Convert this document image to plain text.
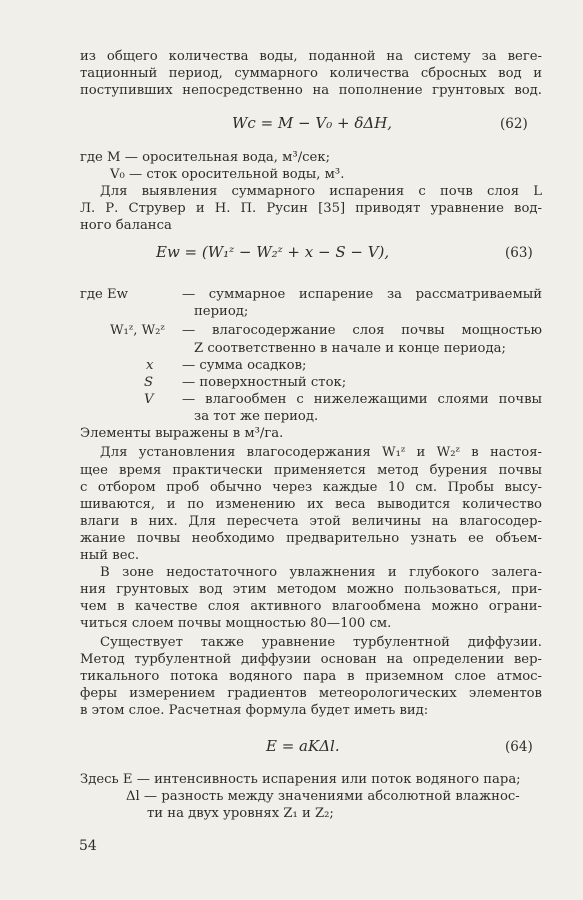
из общего количества воды, поданной на систему за веге-
тационный период, суммарного количества сбросных вод и
поступивших непосредственно на пополнение грунтовых вод.
Wс = M − V₀ + δΔH,	(62)
где M — оросительная вода, м³/сек;
V₀ — сток оросительной воды, м³.
Для выявления суммарного испарения с почв слоя L
Л. Р. Струвер и Н. П. Русин [35] приводят уравнение вод-
ного баланса
Ew = (W₁ᶻ − W₂ᶻ + x − S − V),	(63)
где Ew	— суммарное испарение за рассматриваемый
период;
W₁ᶻ, W₂ᶻ — влагосодержание слоя почвы мощностью
Z соответственно в начале и конце периода;
x — сумма осадков;
S — поверхностный сток;
V — влагообмен с нижележащими слоями почвы
за тот же период.
Элементы выражены в м³/га.
Для установления влагосодержания W₁ᶻ и W₂ᶻ в настоя-
щее время практически применяется метод бурения почвы
с отбором проб обычно через каждые 10 см. Пробы высу-
шиваются, и по изменению их веса выводится количество
влаги в них. Для пересчета этой величины на влагосодер-
жание почвы необходимо предварительно узнать ее объем-
ный вес.
В зоне недостаточного увлажнения и глубокого залега-
ния грунтовых вод этим методом можно пользоваться, при-
чем в качестве слоя активного влагообмена можно ограни-
читься слоем почвы мощностью 80—100 см.
Существует также уравнение турбулентной диффузии.
Метод турбулентной диффузии основан на определении вер-
тикального потока водяного пара в приземном слое атмос-
феры измерением градиентов метеорологических элементов
в этом слое. Расчетная формула будет иметь вид:
E = aKΔl.	(64)
Здесь E — интенсивность испарения или поток водяного пара;
Δl — разность между значениями абсолютной влажнос-
ти на двух уровнях Z₁ и Z₂;
54
